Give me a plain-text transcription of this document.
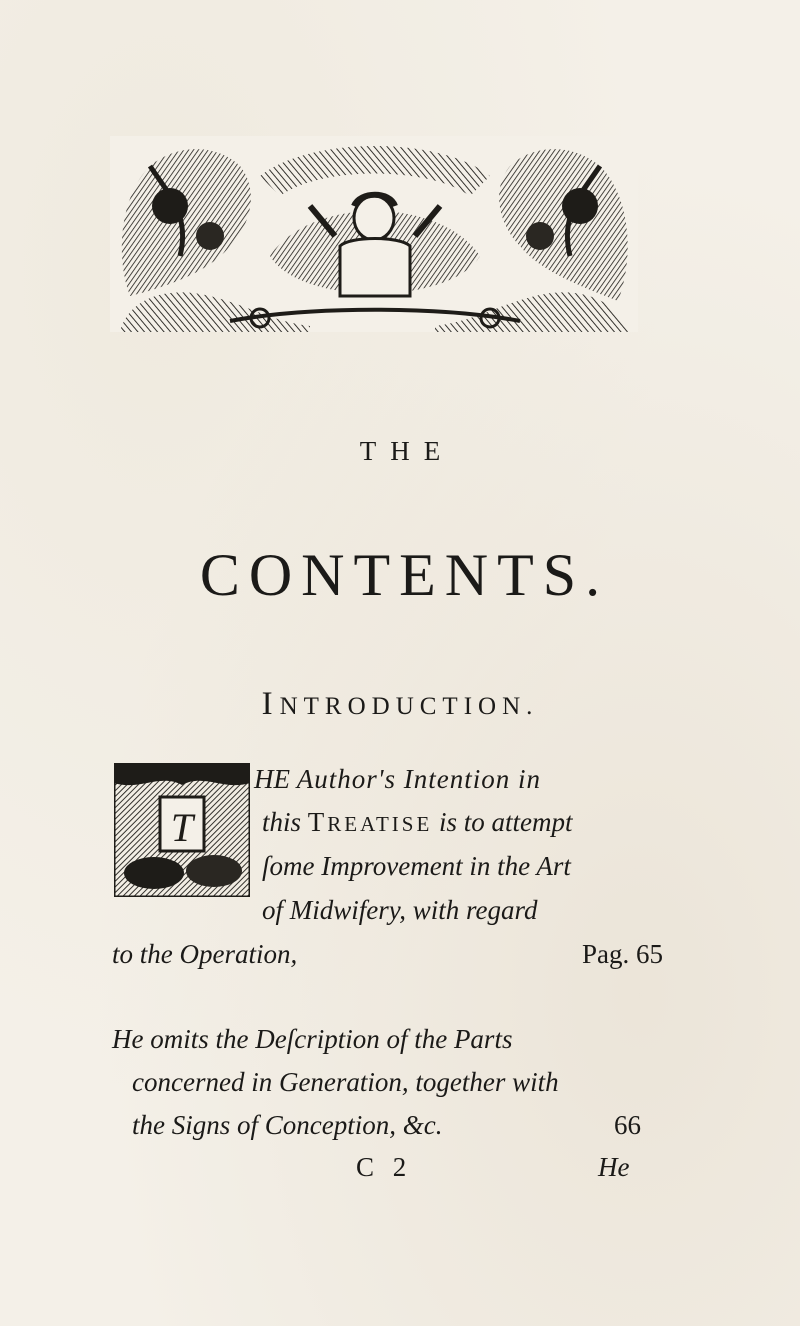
THE
CONTENTS.
INTRODUCTION.
T
HE Author's Intention in
this TREATISE is to attempt
ſome Improvement in the Art
of Midwifery, with regard
to the Operation,	Pag. 65
He omits the Deſcription of the Parts
concerned in Generation, together with
the Signs of Conception, &c.	66
C 2	He
